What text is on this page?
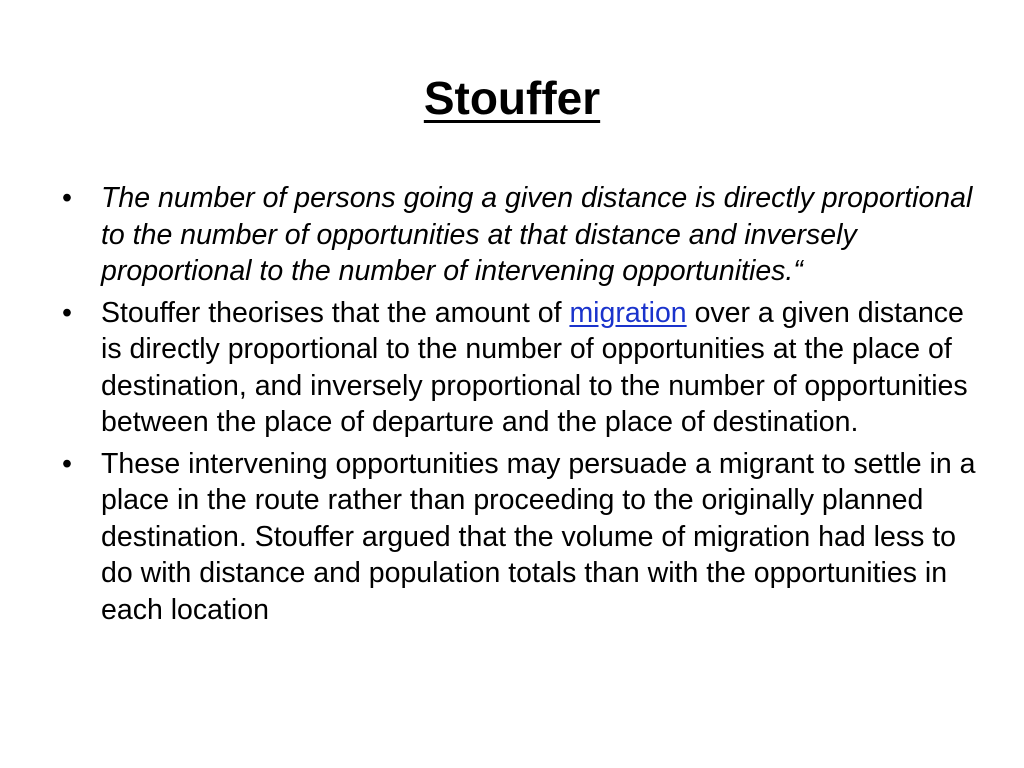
Stouffer
• The number of persons going a given distance is directly proportional to the number of opportunities at that distance and inversely proportional to the number of intervening opportunities.“
• Stouffer theorises that the amount of migration over a given distance is directly proportional to the number of opportunities at the place of destination, and inversely proportional to the number of opportunities between the place of departure and the place of destination.
• These intervening opportunities may persuade a migrant to settle in a place in the route rather than proceeding to the originally planned destination. Stouffer argued that the volume of migration had less to do with distance and population totals than with the opportunities in each location
